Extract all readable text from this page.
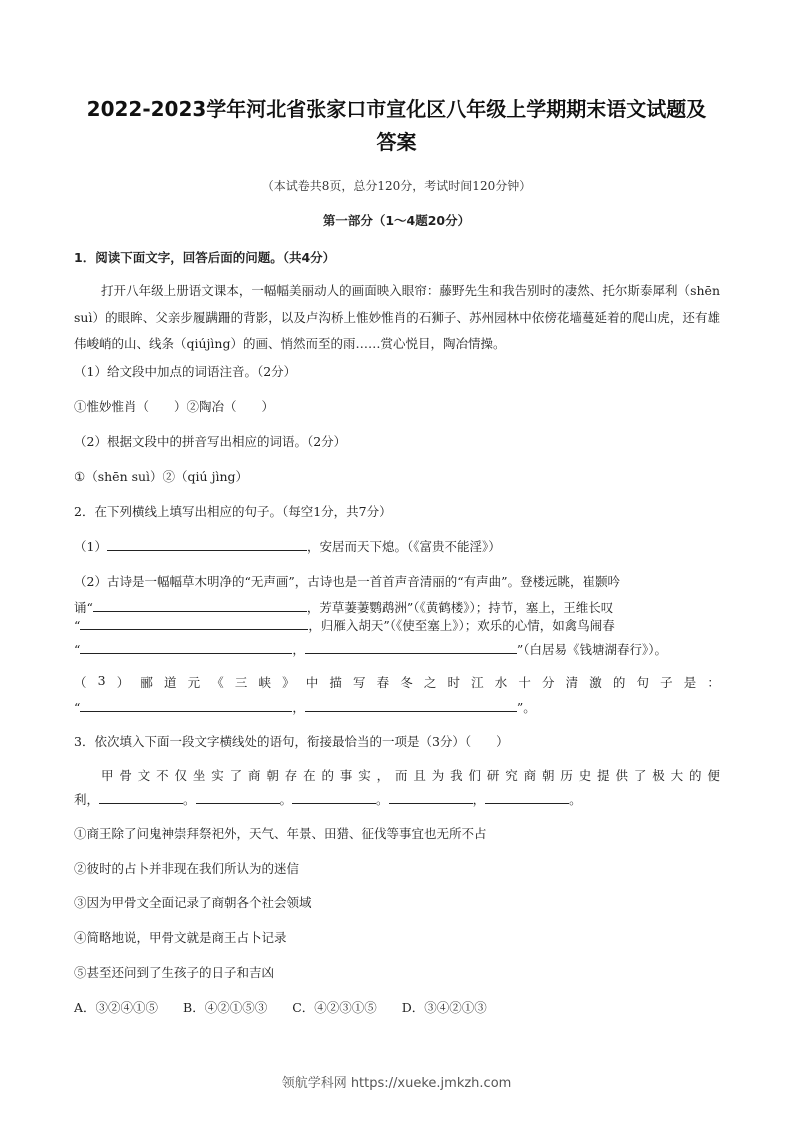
2022-2023学年河北省张家口市宣化区八年级上学期期末语文试题及
答案
（本试卷共8页，总分120分，考试时间120分钟）
第一部分（1～4题20分）
1．阅读下面文字，回答后面的问题。（共4分）
打开八年级上册语文课本，一幅幅美丽动人的画面映入眼帘：藤野先生和我告别时的凄然、托尔斯泰犀利（shēn suì）的眼眸、父亲步履蹒跚的背影，以及卢沟桥上惟妙惟肖的石狮子、苏州园林中依傍花墙蔓延着的爬山虎，还有雄伟峻峭的山、线条（qiújìng）的画、悄然而至的雨……赏心悦目，陶冶情操。
（1）给文段中加点的词语注音。（2分）
①惟妙惟肖（　　）②陶冶（　　）
（2）根据文段中的拼音写出相应的词语。（2分）
①（shēn suì）②（qiú jìng）
2．在下列横线上填写出相应的句子。（每空1分，共7分）
（1）	，安居而天下熄。（《富贵不能淫》）
（2）古诗是一幅幅草木明净的“无声画”，古诗也是一首首声音清丽的“有声曲”。登楼远眺，崔颢吟
诵“	，芳草萋萋鹦鹉洲”（《黄鹤楼》）；持节，塞上，王维长叹
“	，归雁入胡天”（《使至塞上》）；欢乐的心情，如禽鸟闹春
“	，	”（白居易《钱塘湖春行》）。
（ 3 ） 郦 道 元 《 三 峡 》 中 描 写 春 冬 之 时 江 水 十 分 清 激 的 句 子 是 ：
“	，	”。
3．依次填入下面一段文字横线处的语句，衔接最恰当的一项是（3分）（　　）
甲 骨 文 不 仅 坐 实 了 商 朝 存 在 的 事 实 ， 而 且 为 我 们 研 究 商 朝 历 史 提 供 了 极 大 的 便
利，	。	。	。	，	。
①商王除了问鬼神崇拜祭祀外，天气、年景、田猎、征伐等事宜也无所不占
②彼时的占卜并非现在我们所认为的迷信
③因为甲骨文全面记录了商朝各个社会领域
④简略地说，甲骨文就是商王占卜记录
⑤甚至还问到了生孩子的日子和吉凶
A．③②④①⑤　　B．④②①⑤③　　C．④②③①⑤　　D．③④②①③
领航学科网 https://xueke.jmkzh.com
